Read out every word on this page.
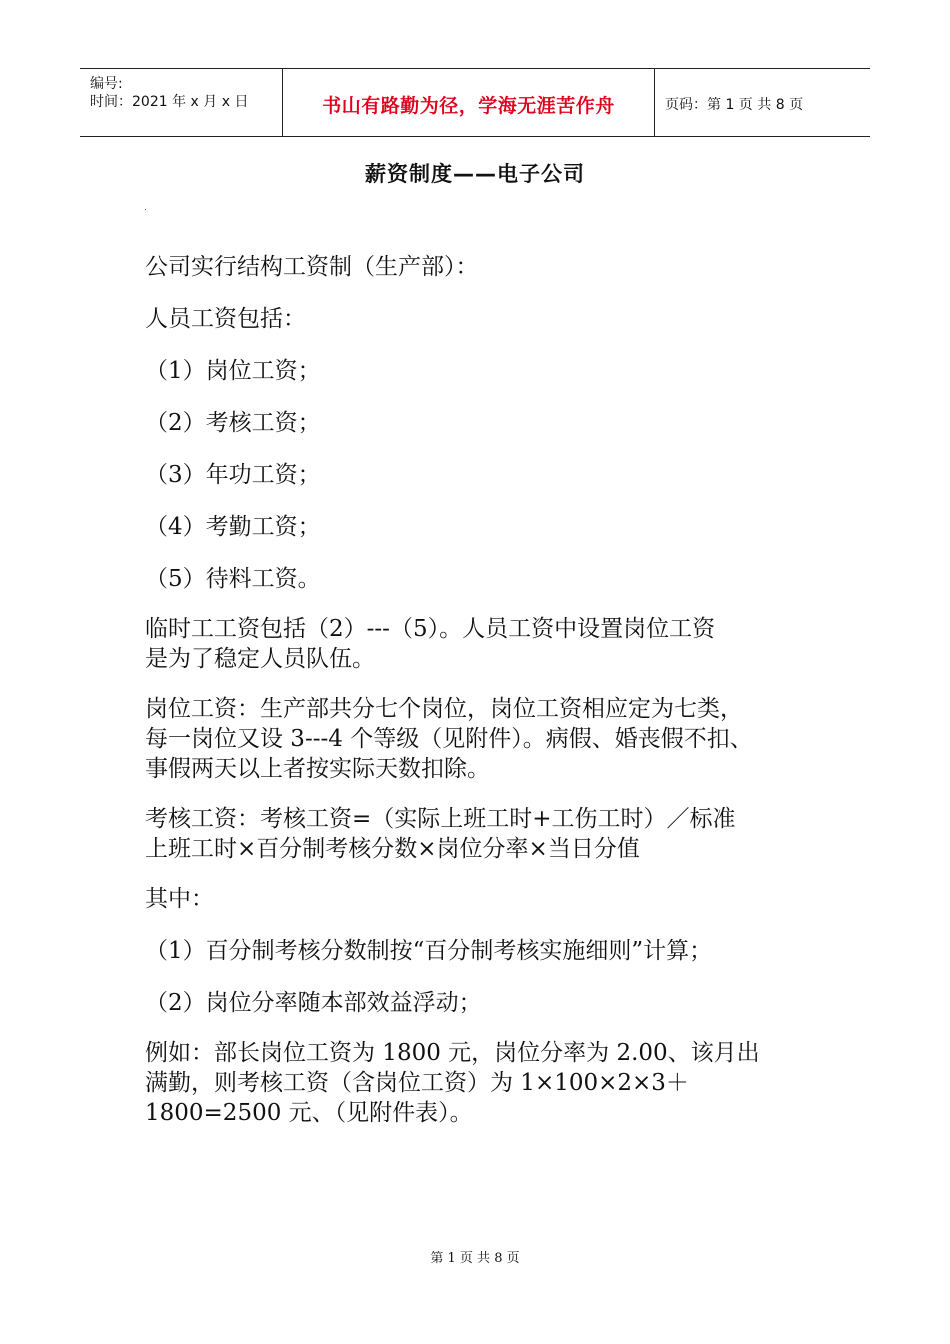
编号:
时间：2021 年 x 月 x 日	书山有路勤为径，学海无涯苦作舟	页码：第 1 页 共 8 页
薪资制度——电子公司

公司实行结构工资制（生产部）：

人员工资包括：

（1）岗位工资；

（2）考核工资；

（3）年功工资；

（4）考勤工资；

（5）待料工资。

临时工工资包括（2）---（5）。人员工资中设置岗位工资

是为了稳定人员队伍。

岗位工资：生产部共分七个岗位，岗位工资相应定为七类，

每一岗位又设 3---4 个等级（见附件）。病假、婚丧假不扣、

事假两天以上者按实际天数扣除。

考核工资：考核工资=（实际上班工时+工伤工时）／标准

上班工时×百分制考核分数×岗位分率×当日分值

其中：

（1）百分制考核分数制按“百分制考核实施细则”计算；

（2）岗位分率随本部效益浮动；

例如：部长岗位工资为 1800 元，岗位分率为 2.00、该月出

满勤，则考核工资（含岗位工资）为 1×100×2×3＋

1800=2500 元、（见附件表）。

第 1 页 共 8 页
